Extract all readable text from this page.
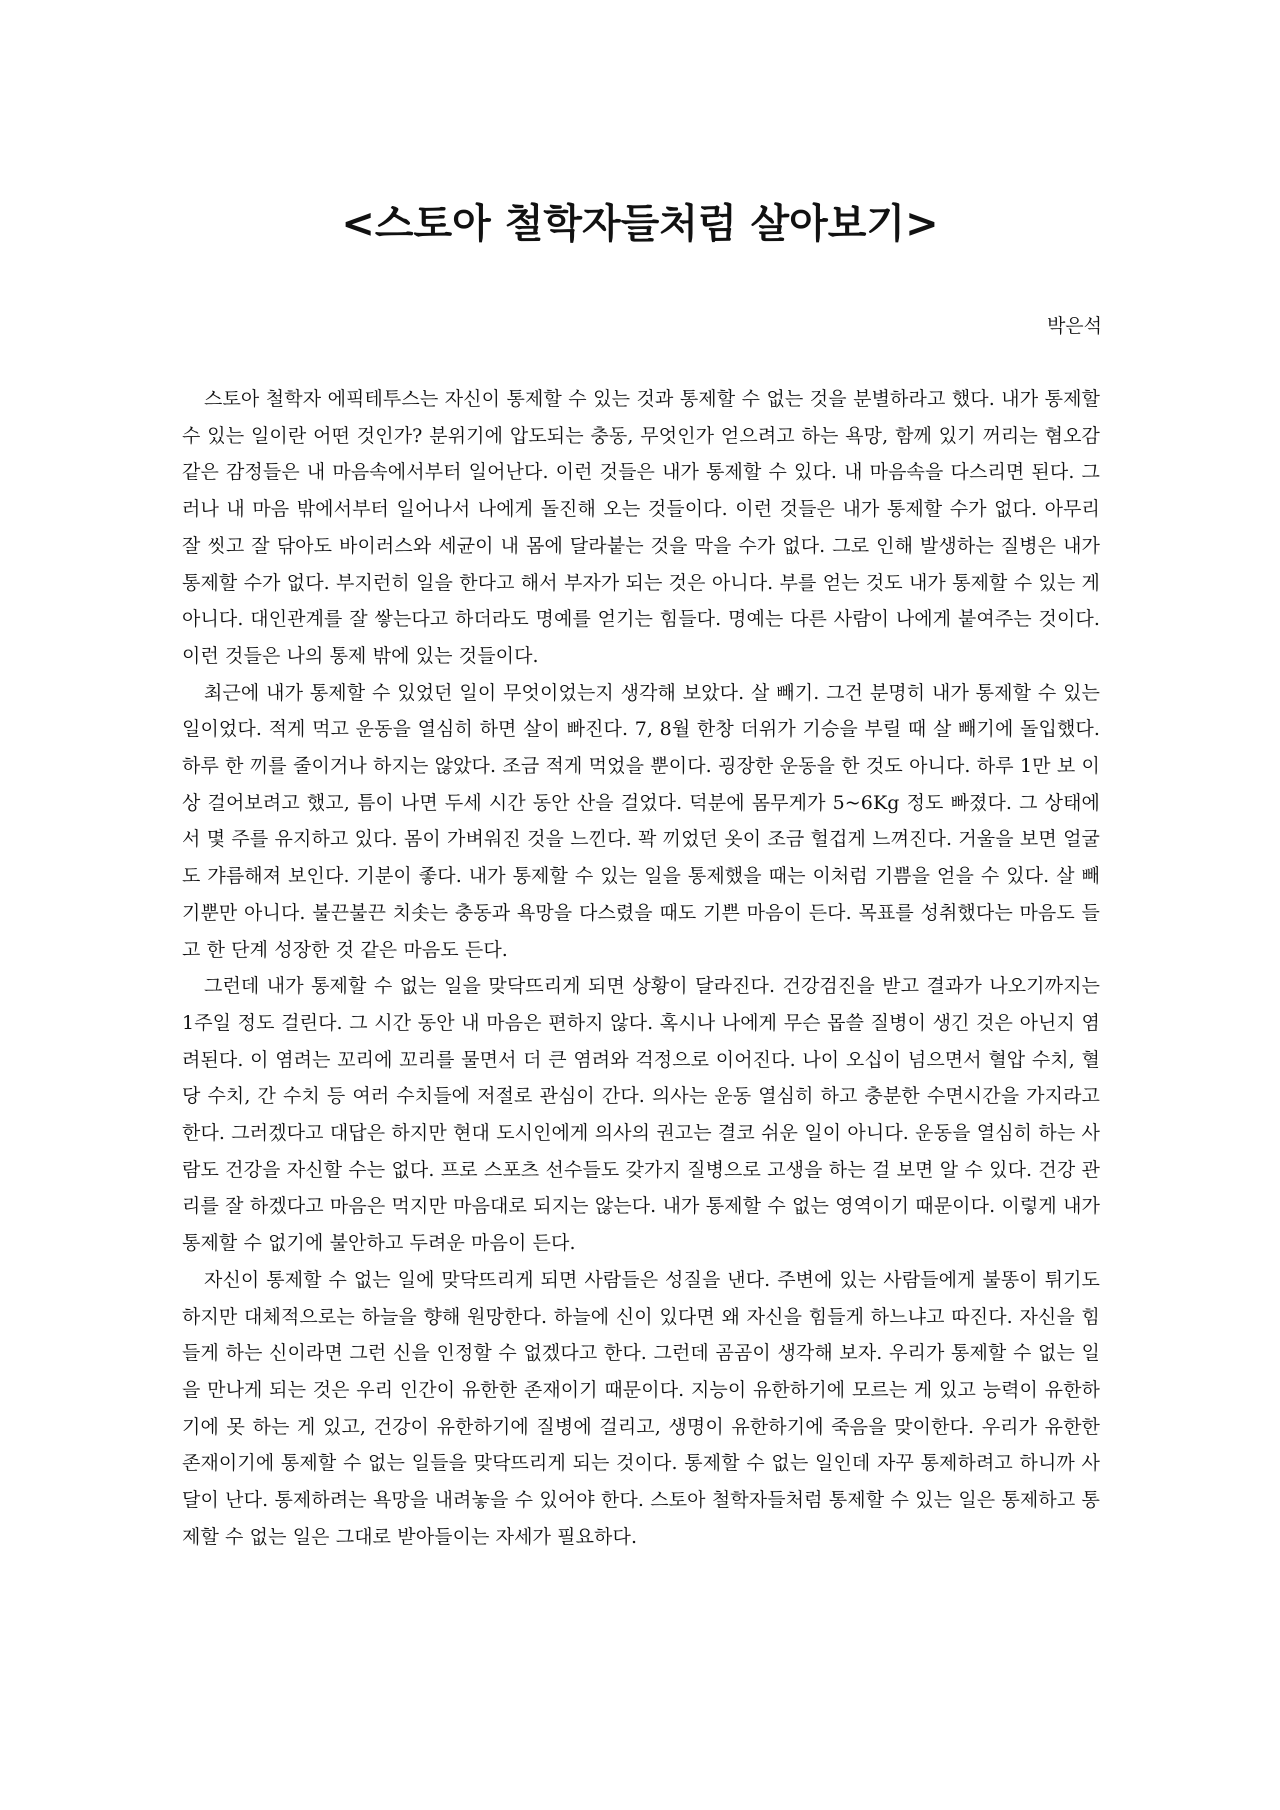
<스토아 철학자들처럼 살아보기>

박은석

스토아 철학자 에픽테투스는 자신이 통제할 수 있는 것과 통제할 수 없는 것을 분별하라고 했다. 내가 통제할 수 있는 일이란 어떤 것인가? 분위기에 압도되는 충동, 무엇인가 얻으려고 하는 욕망, 함께 있기 꺼리는 혐오감 같은 감정들은 내 마음속에서부터 일어난다. 이런 것들은 내가 통제할 수 있다. 내 마음속을 다스리면 된다. 그러나 내 마음 밖에서부터 일어나서 나에게 돌진해 오는 것들이다. 이런 것들은 내가 통제할 수가 없다. 아무리 잘 씻고 잘 닦아도 바이러스와 세균이 내 몸에 달라붙는 것을 막을 수가 없다. 그로 인해 발생하는 질병은 내가 통제할 수가 없다. 부지런히 일을 한다고 해서 부자가 되는 것은 아니다. 부를 얻는 것도 내가 통제할 수 있는 게 아니다. 대인관계를 잘 쌓는다고 하더라도 명예를 얻기는 힘들다. 명예는 다른 사람이 나에게 붙여주는 것이다. 이런 것들은 나의 통제 밖에 있는 것들이다.

최근에 내가 통제할 수 있었던 일이 무엇이었는지 생각해 보았다. 살 빼기. 그건 분명히 내가 통제할 수 있는 일이었다. 적게 먹고 운동을 열심히 하면 살이 빠진다. 7, 8월 한창 더위가 기승을 부릴 때 살 빼기에 돌입했다. 하루 한 끼를 줄이거나 하지는 않았다. 조금 적게 먹었을 뿐이다. 굉장한 운동을 한 것도 아니다. 하루 1만 보 이상 걸어보려고 했고, 틈이 나면 두세 시간 동안 산을 걸었다. 덕분에 몸무게가 5~6Kg 정도 빠졌다. 그 상태에서 몇 주를 유지하고 있다. 몸이 가벼워진 것을 느낀다. 꽉 끼었던 옷이 조금 헐겁게 느껴진다. 거울을 보면 얼굴도 갸름해져 보인다. 기분이 좋다. 내가 통제할 수 있는 일을 통제했을 때는 이처럼 기쁨을 얻을 수 있다. 살 빼기뿐만 아니다. 불끈불끈 치솟는 충동과 욕망을 다스렸을 때도 기쁜 마음이 든다. 목표를 성취했다는 마음도 들고 한 단계 성장한 것 같은 마음도 든다.

그런데 내가 통제할 수 없는 일을 맞닥뜨리게 되면 상황이 달라진다. 건강검진을 받고 결과가 나오기까지는 1주일 정도 걸린다. 그 시간 동안 내 마음은 편하지 않다. 혹시나 나에게 무슨 몹쓸 질병이 생긴 것은 아닌지 염려된다. 이 염려는 꼬리에 꼬리를 물면서 더 큰 염려와 걱정으로 이어진다. 나이 오십이 넘으면서 혈압 수치, 혈당 수치, 간 수치 등 여러 수치들에 저절로 관심이 간다. 의사는 운동 열심히 하고 충분한 수면시간을 가지라고 한다. 그러겠다고 대답은 하지만 현대 도시인에게 의사의 권고는 결코 쉬운 일이 아니다. 운동을 열심히 하는 사람도 건강을 자신할 수는 없다. 프로 스포츠 선수들도 갖가지 질병으로 고생을 하는 걸 보면 알 수 있다. 건강 관리를 잘 하겠다고 마음은 먹지만 마음대로 되지는 않는다. 내가 통제할 수 없는 영역이기 때문이다. 이렇게 내가 통제할 수 없기에 불안하고 두려운 마음이 든다.

자신이 통제할 수 없는 일에 맞닥뜨리게 되면 사람들은 성질을 낸다. 주변에 있는 사람들에게 불똥이 튀기도 하지만 대체적으로는 하늘을 향해 원망한다. 하늘에 신이 있다면 왜 자신을 힘들게 하느냐고 따진다. 자신을 힘들게 하는 신이라면 그런 신을 인정할 수 없겠다고 한다. 그런데 곰곰이 생각해 보자. 우리가 통제할 수 없는 일을 만나게 되는 것은 우리 인간이 유한한 존재이기 때문이다. 지능이 유한하기에 모르는 게 있고 능력이 유한하기에 못 하는 게 있고, 건강이 유한하기에 질병에 걸리고, 생명이 유한하기에 죽음을 맞이한다. 우리가 유한한 존재이기에 통제할 수 없는 일들을 맞닥뜨리게 되는 것이다. 통제할 수 없는 일인데 자꾸 통제하려고 하니까 사달이 난다. 통제하려는 욕망을 내려놓을 수 있어야 한다. 스토아 철학자들처럼 통제할 수 있는 일은 통제하고 통제할 수 없는 일은 그대로 받아들이는 자세가 필요하다.
